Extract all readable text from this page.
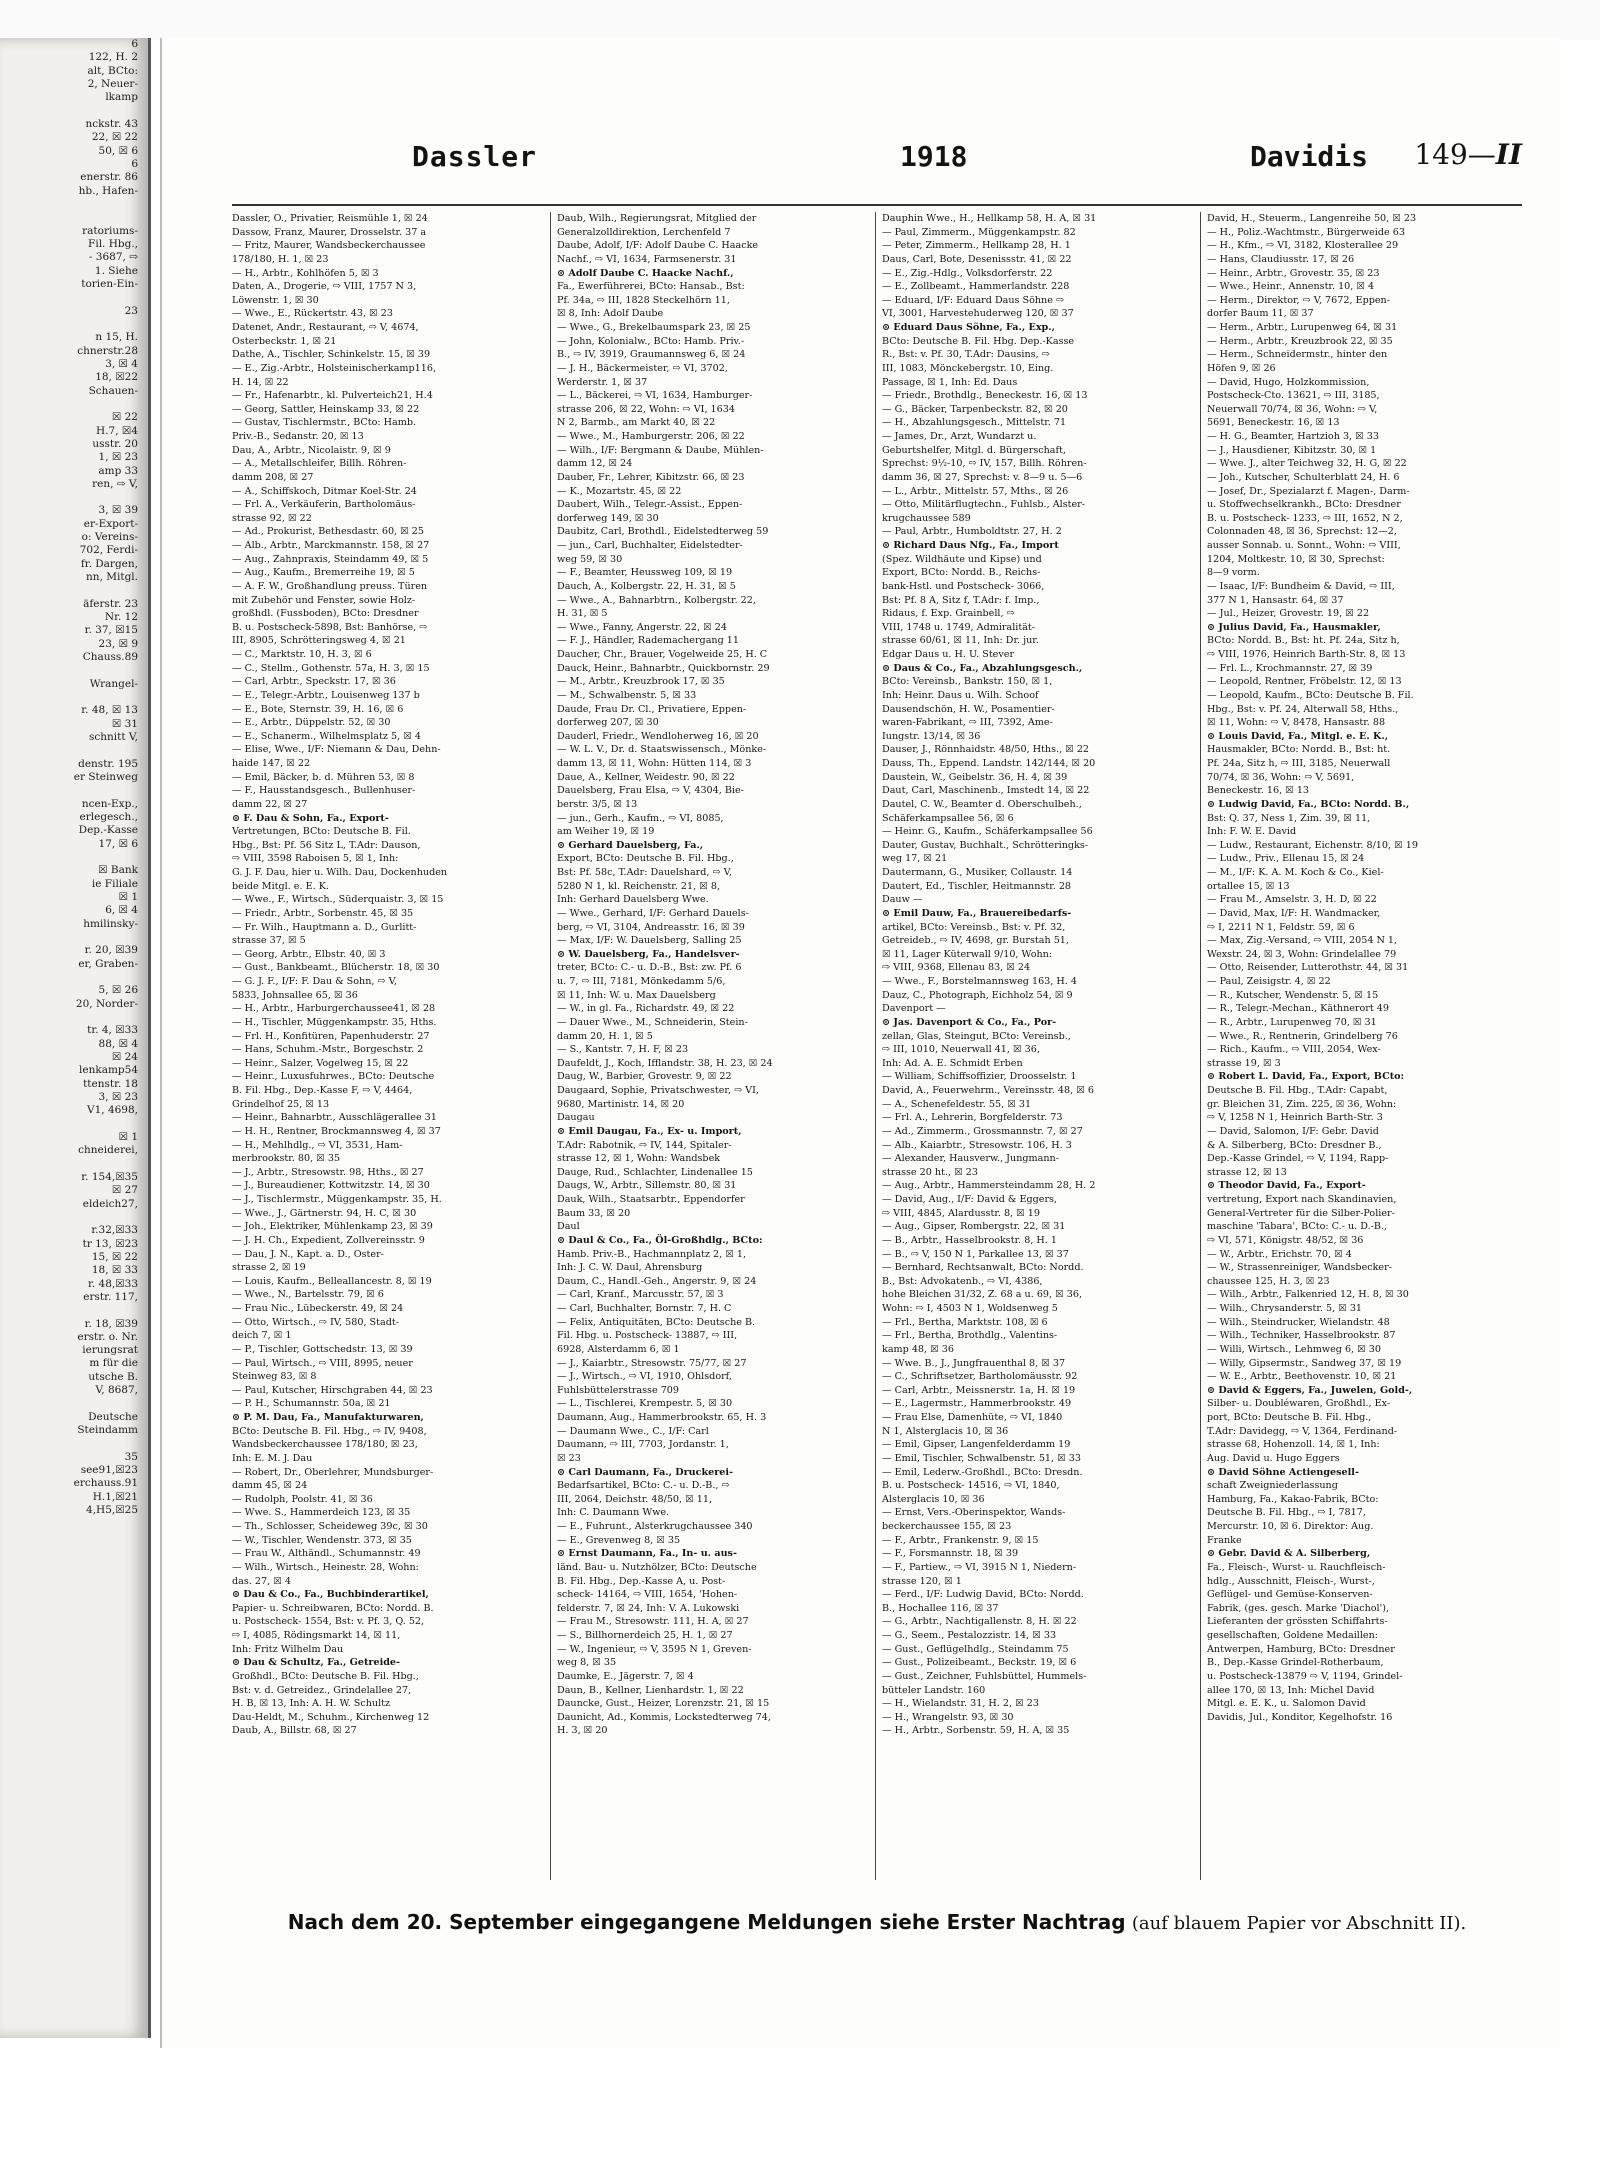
6
122, H. 2
alt, BCto:
2, Neuer-
lkamp

nckstr. 43
22, ☒ 22
50, ☒ 6
6
enerstr. 86
hb., Hafen-

ratoriums-
Fil. Hbg.,
- 3687, ⇨
1. Siehe
torien-Ein-

23

n 15, H.
chnerstr.28
3, ☒ 4
18, ☒22
Schauen-

☒ 22
H.7, ☒4
usstr. 20
1, ☒ 23
amp 33
ren, ⇨ V,

3, ☒ 39
er-Export-
o: Vereins-
702, Ferdi-
fr. Dargen,
nn, Mitgl.

äferstr. 23
Nr. 12
r. 37, ☒15
23, ☒ 9
Chauss.89

Wrangel-

r. 48, ☒ 13
☒ 31
schnitt V,

denstr. 195
er Steinweg

ncen-Exp.,
erlegesch.,
Dep.-Kasse
17, ☒ 6

☒ Bank
ie Filiale
☒ 1
6, ☒ 4
hmilinsky-

r. 20, ☒39
er, Graben-

5, ☒ 26
20, Norder-

tr. 4, ☒33
88, ☒ 4
☒ 24
lenkamp54
ttenstr. 18
3, ☒ 23
V1, 4698,

☒ 1
chneiderei,

r. 154,☒35
☒ 27
eldeich27,

r.32,☒33
tr 13, ☒23
15, ☒ 22
18, ☒ 33
r. 48,☒33
erstr. 117,

r. 18, ☒39
erstr. o. Nr.
ierungsrat
m für die
utsche B.
V, 8687,

Deutsche
Steindamm

35
see91,☒23
erchauss.91
H.1,☒21
4,H5,☒25
Dassler	1918	Davidis 149—II
Dassler, O., Privatier, Reismühle 1, ☒ 24
Dassow, Franz, Maurer, Drosselstr. 37 a
— Fritz, Maurer, Wandsbeckerchaussee
178/180, H. 1, ☒ 23
— H., Arbtr., Kohlhöfen 5, ☒ 3
Daten, A., Drogerie, ⇨ VIII, 1757 N 3,
Löwenstr. 1, ☒ 30
— Wwe., E., Rückertstr. 43, ☒ 23
Datenet, Andr., Restaurant, ⇨ V, 4674,
Osterbeckstr. 1, ☒ 21
Dathe, A., Tischler, Schinkelstr. 15, ☒ 39
— E., Zig.-Arbtr., Holsteinischerkamp116,
H. 14, ☒ 22
— Fr., Hafenarbtr., kl. Pulverteich21, H.4
— Georg, Sattler, Heinskamp 33, ☒ 22
— Gustav, Tischlermstr., BCto: Hamb.
Priv.-B., Sedanstr. 20, ☒ 13
Dau, A., Arbtr., Nicolaistr. 9, ☒ 9
— A., Metallschleifer, Billh. Röhren-
damm 208, ☒ 27
— A., Schiffskoch, Ditmar Koel-Str. 24
— Frl. A., Verkäuferin, Bartholomäus-
strasse 92, ☒ 22
— Ad., Prokurist, Bethesdastr. 60, ☒ 25
— Alb., Arbtr., Marckmannstr. 158, ☒ 27
— Aug., Zahnpraxis, Steindamm 49, ☒ 5
— Aug., Kaufm., Bremerreihe 19, ☒ 5
— A. F. W., Großhandlung preuss. Türen
mit Zubehör und Fenster, sowie Holz-
großhdl. (Fussboden), BCto: Dresdner
B. u. Postscheck-5898, Bst: Banhörse, ⇨
III, 8905, Schrötteringsweg 4, ☒ 21
— C., Marktstr. 10, H. 3, ☒ 6
— C., Stellm., Gothenstr. 57a, H. 3, ☒ 15
— Carl, Arbtr., Speckstr. 17, ☒ 36
— E., Telegr.-Arbtr., Louisenweg 137 b
— E., Bote, Sternstr. 39, H. 16, ☒ 6
— E., Arbtr., Düppelstr. 52, ☒ 30
— E., Schanerm., Wilhelmsplatz 5, ☒ 4
— Elise, Wwe., I/F: Niemann & Dau, Dehn-
haide 147, ☒ 22
— Emil, Bäcker, b. d. Mühren 53, ☒ 8
— F., Hausstandsgesch., Bullenhuser-
damm 22, ☒ 27
⊙ F. Dau & Sohn, Fa., Export-
Vertretungen, BCto: Deutsche B. Fil.
Hbg., Bst: Pf. 56 Sitz L, T.Adr: Dauson,
⇨ VIII, 3598 Raboisen 5, ☒ 1, Inh:
G. J. F. Dau, hier u. Wilh. Dau, Dockenhuden
beide Mitgl. e. E. K.
— Wwe., F., Wirtsch., Süderquaistr. 3, ☒ 15
— Friedr., Arbtr., Sorbenstr. 45, ☒ 35
— Fr. Wilh., Hauptmann a. D., Gurlitt-
strasse 37, ☒ 5
— Georg, Arbtr., Elbstr. 40, ☒ 3
— Gust., Bankbeamt., Blücherstr. 18, ☒ 30
— G. J. F., I/F: F. Dau & Sohn, ⇨ V,
5833, Johnsallee 65, ☒ 36
— H., Arbtr., Harburgerchaussee41, ☒ 28
— H., Tischler, Müggenkampstr. 35, Hths.
— Frl. H., Konfitüren, Papenhuderstr. 27
— Hans, Schuhm.-Mstr., Borgeschstr. 2
— Heinr., Salzer, Vogelweg 15, ☒ 22
— Heinr., Luxusfuhrwes., BCto: Deutsche
B. Fil. Hbg., Dep.-Kasse F, ⇨ V, 4464,
Grindelhof 25, ☒ 13
— Heinr., Bahnarbtr., Ausschlägerallee 31
— H. H., Rentner, Brockmannsweg 4, ☒ 37
— H., Mehlhdlg., ⇨ VI, 3531, Ham-
merbrookstr. 80, ☒ 35
— J., Arbtr., Stresowstr. 98, Hths., ☒ 27
— J., Bureaudiener, Kottwitzstr. 14, ☒ 30
— J., Tischlermstr., Müggenkampstr. 35, H.
— Wwe., J., Gärtnerstr. 94, H. C, ☒ 30
— Joh., Elektriker, Mühlenkamp 23, ☒ 39
— J. H. Ch., Expedient, Zollvereinsstr. 9
— Dau, J. N., Kapt. a. D., Oster-
strasse 2, ☒ 19
— Louis, Kaufm., Belleallancestr. 8, ☒ 19
— Wwe., N., Bartelsstr. 79, ☒ 6
— Frau Nic., Lübeckerstr. 49, ☒ 24
— Otto, Wirtsch., ⇨ IV, 580, Stadt-
deich 7, ☒ 1
— P., Tischler, Gottschedstr. 13, ☒ 39
— Paul, Wirtsch., ⇨ VIII, 8995, neuer
Steinweg 83, ☒ 8
— Paul, Kutscher, Hirschgraben 44, ☒ 23
— P. H., Schumannstr. 50a, ☒ 21
⊙ P. M. Dau, Fa., Manufakturwaren,
BCto: Deutsche B. Fil. Hbg., ⇨ IV, 9408,
Wandsbeckerchaussee 178/180, ☒ 23,
Inh: E. M. J. Dau
— Robert, Dr., Oberlehrer, Mundsburger-
damm 45, ☒ 24
— Rudolph, Poolstr. 41, ☒ 36
— Wwe. S., Hammerdeich 123, ☒ 35
— Th., Schlosser, Scheideweg 39c, ☒ 30
— W., Tischler, Wendenstr. 373, ☒ 35
— Frau W., Althändl., Schumannstr. 49
— Wilh., Wirtsch., Heinestr. 28, Wohn:
das. 27, ☒ 4
⊙ Dau & Co., Fa., Buchbinderartikel,
Papier- u. Schreibwaren, BCto: Nordd. B.
u. Postscheck- 1554, Bst: v. Pf. 3, Q. 52,
⇨ I, 4085, Rödingsmarkt 14, ☒ 11,
Inh: Fritz Wilhelm Dau
⊙ Dau & Schultz, Fa., Getreide-
Großhdl., BCto: Deutsche B. Fil. Hbg.,
Bst: v. d. Getreidez., Grindelallee 27,
H. B, ☒ 13, Inh: A. H. W. Schultz
Dau-Heldt, M., Schuhm., Kirchenweg 12
Daub, A., Billstr. 68, ☒ 27
Daub, Wilh., Regierungsrat, Mitglied der
Generalzolldirektion, Lerchenfeld 7
Daube, Adolf, I/F: Adolf Daube C. Haacke
Nachf., ⇨ VI, 1634, Farmsenerstr. 31
⊙ Adolf Daube C. Haacke Nachf.,
Fa., Ewerführerei, BCto: Hansab., Bst:
Pf. 34a, ⇨ III, 1828 Steckelhörn 11,
☒ 8, Inh: Adolf Daube
— Wwe., G., Brekelbaumspark 23, ☒ 25
— John, Kolonialw., BCto: Hamb. Priv.-
B., ⇨ IV, 3919, Graumannsweg 6, ☒ 24
— J. H., Bäckermeister, ⇨ VI, 3702,
Werderstr. 1, ☒ 37
— L., Bäckerei, ⇨ VI, 1634, Hamburger-
strasse 206, ☒ 22, Wohn: ⇨ VI, 1634
N 2, Barmb., am Markt 40, ☒ 22
— Wwe., M., Hamburgerstr. 206, ☒ 22
— Wilh., I/F: Bergmann & Daube, Mühlen-
damm 12, ☒ 24
Dauber, Fr., Lehrer, Kibitzstr. 66, ☒ 23
— K., Mozartstr. 45, ☒ 22
Daubert, Wilh., Telegr.-Assist., Eppen-
dorferweg 149, ☒ 30
Daubitz, Carl, Brothdl., Eidelstedterweg 59
— jun., Carl, Buchhalter, Eidelstedter-
weg 59, ☒ 30
— F., Beamter, Heussweg 109, ☒ 19
Dauch, A., Kolbergstr. 22, H. 31, ☒ 5
— Wwe., A., Bahnarbtrn., Kolbergstr. 22,
H. 31, ☒ 5
— Wwe., Fanny, Angerstr. 22, ☒ 24
— F. J., Händler, Rademachergang 11
Daucher, Chr., Brauer, Vogelweide 25, H. C
Dauck, Heinr., Bahnarbtr., Quickbornstr. 29
— M., Arbtr., Kreuzbrook 17, ☒ 35
— M., Schwalbenstr. 5, ☒ 33
Daude, Frau Dr. Cl., Privatiere, Eppen-
dorferweg 207, ☒ 30
Dauderl, Friedr., Wendloherweg 16, ☒ 20
— W. L. V., Dr. d. Staatswissensch., Mönke-
damm 13, ☒ 11, Wohn: Hütten 114, ☒ 3
Daue, A., Kellner, Weidestr. 90, ☒ 22
Dauelsberg, Frau Elsa, ⇨ V, 4304, Bie-
berstr. 3/5, ☒ 13
— jun., Gerh., Kaufm., ⇨ VI, 8085,
am Weiher 19, ☒ 19
⊙ Gerhard Dauelsberg, Fa.,
Export, BCto: Deutsche B. Fil. Hbg.,
Bst: Pf. 58c, T.Adr: Dauelshard, ⇨ V,
5280 N 1, kl. Reichenstr. 21, ☒ 8,
Inh: Gerhard Dauelsberg Wwe.
— Wwe., Gerhard, I/F: Gerhard Dauels-
berg, ⇨ VI, 3104, Andreasstr. 16, ☒ 39
— Max, I/F: W. Dauelsberg, Salling 25
⊙ W. Dauelsberg, Fa., Handelsver-
treter, BCto: C.- u. D.-B., Bst: zw. Pf. 6
u. 7, ⇨ III, 7181, Mönkedamm 5/6,
☒ 11, Inh: W. u. Max Dauelsberg
— W., in gl. Fa., Richardstr. 49, ☒ 22
— Dauer Wwe., M., Schneiderin, Stein-
damm 20, H. 1, ☒ 5
— S., Kantstr. 7, H. F, ☒ 23
Daufeldt, J., Koch, Ifflandstr. 38, H. 23, ☒ 24
Daug, W., Barbier, Grovestr. 9, ☒ 22
Daugaard, Sophie, Privatschwester, ⇨ VI,
9680, Martinistr. 14, ☒ 20
Daugau
⊙ Emil Daugau, Fa., Ex- u. Import,
T.Adr: Rabotnik, ⇨ IV, 144, Spitaler-
strasse 12, ☒ 1, Wohn: Wandsbek
Dauge, Rud., Schlachter, Lindenallee 15
Daugs, W., Arbtr., Sillemstr. 80, ☒ 31
Dauk, Wilh., Staatsarbtr., Eppendorfer
Baum 33, ☒ 20
Daul
⊙ Daul & Co., Fa., Öl-Großhdlg., BCto:
Hamb. Priv.-B., Hachmannplatz 2, ☒ 1,
Inh: J. C. W. Daul, Ahrensburg
Daum, C., Handl.-Geh., Angerstr. 9, ☒ 24
— Carl, Kranf., Marcusstr. 57, ☒ 3
— Carl, Buchhalter, Bornstr. 7, H. C
— Felix, Antiquitäten, BCto: Deutsche B.
Fil. Hbg. u. Postscheck- 13887, ⇨ III,
6928, Alsterdamm 6, ☒ 1
— J., Kaiarbtr., Stresowstr. 75/77, ☒ 27
— J., Wirtsch., ⇨ VI, 1910, Ohlsdorf,
Fuhlsbüttelerstrasse 709
— L., Tischlerei, Krempestr. 5, ☒ 30
Daumann, Aug., Hammerbrookstr. 65, H. 3
— Daumann Wwe., C., I/F: Carl
Daumann, ⇨ III, 7703, Jordanstr. 1,
☒ 23
⊙ Carl Daumann, Fa., Druckerei-
Bedarfsartikel, BCto: C.- u. D.-B., ⇨
III, 2064, Deichstr. 48/50, ☒ 11,
Inh: C. Daumann Wwe.
— E., Fuhrunt., Alsterkrugchaussee 340
— E., Grevenweg 8, ☒ 35
⊙ Ernst Daumann, Fa., In- u. aus-
länd. Bau- u. Nutzhölzer, BCto: Deutsche
B. Fil. Hbg., Dep.-Kasse A, u. Post-
scheck- 14164, ⇨ VIII, 1654, 'Hohen-
felderstr. 7, ☒ 24, Inh: V. A. Lukowski
— Frau M., Stresowstr. 111, H. A, ☒ 27
— S., Billhornerdeich 25, H. 1, ☒ 27
— W., Ingenieur, ⇨ V, 3595 N 1, Greven-
weg 8, ☒ 35
Daumke, E., Jägerstr. 7, ☒ 4
Daun, B., Kellner, Lienhardstr. 1, ☒ 22
Dauncke, Gust., Heizer, Lorenzstr. 21, ☒ 15
Daunicht, Ad., Kommis, Lockstedterweg 74,
H. 3, ☒ 20
Dauphin Wwe., H., Hellkamp 58, H. A, ☒ 31
— Paul, Zimmerm., Müggenkampstr. 82
— Peter, Zimmerm., Hellkamp 28, H. 1
Daus, Carl, Bote, Desenissstr. 41, ☒ 22
— E., Zig.-Hdlg., Volksdorferstr. 22
— E., Zollbeamt., Hammerlandstr. 228
— Eduard, I/F: Eduard Daus Söhne ⇨
VI, 3001, Harvestehuderweg 120, ☒ 37
⊙ Eduard Daus Söhne, Fa., Exp.,
BCto: Deutsche B. Fil. Hbg. Dep.-Kasse
R., Bst: v. Pf. 30, T.Adr: Dausins, ⇨
III, 1083, Mönckebergstr. 10, Eing.
Passage, ☒ 1, Inh: Ed. Daus
— Friedr., Brothdlg., Beneckestr. 16, ☒ 13
— G., Bäcker, Tarpenbeckstr. 82, ☒ 20
— H., Abzahlungsgesch., Mittelstr. 71
— James, Dr., Arzt, Wundarzt u.
Geburtshelfer, Mitgl. d. Bürgerschaft,
Sprechst: 9½-10, ⇨ IV, 157, Billh. Röhren-
damm 36, ☒ 27, Sprechst: v. 8—9 u. 5—6
— L., Arbtr., Mittelstr. 57, Mths., ☒ 26
— Otto, Militärflugtechn., Fuhlsb., Alster-
krugchaussee 589
— Paul, Arbtr., Humboldtstr. 27, H. 2
⊙ Richard Daus Nfg., Fa., Import
(Spez. Wildhäute und Kipse) und
Export, BCto: Nordd. B., Reichs-
bank-Hstl. und Postscheck- 3066,
Bst: Pf. 8 A, Sitz f, T.Adr: f. Imp.,
Ridaus, f. Exp. Grainbell, ⇨
VIII, 1748 u. 1749, Admiralität-
strasse 60/61, ☒ 11, Inh: Dr. jur.
Edgar Daus u. H. U. Stever
⊙ Daus & Co., Fa., Abzahlungsgesch.,
BCto: Vereinsb., Bankstr. 150, ☒ 1,
Inh: Heinr. Daus u. Wilh. Schoof
Dausendschön, H. W., Posamentier-
waren-Fabrikant, ⇨ III, 7392, Ame-
Iungstr. 13/14, ☒ 36
Dauser, J., Rönnhaidstr. 48/50, Hths., ☒ 22
Dauss, Th., Eppend. Landstr. 142/144, ☒ 20
Daustein, W., Geibelstr. 36, H. 4, ☒ 39
Daut, Carl, Maschinenb., Imstedt 14, ☒ 22
Dautel, C. W., Beamter d. Oberschulbeh.,
Schäferkampsallee 56, ☒ 6
— Heinr. G., Kaufm., Schäferkampsallee 56
Dauter, Gustav, Buchhalt., Schrötteringks-
weg 17, ☒ 21
Dautermann, G., Musiker, Collaustr. 14
Dautert, Ed., Tischler, Heitmannstr. 28
Dauw —
⊙ Emil Dauw, Fa., Brauereibedarfs-
artikel, BCto: Vereinsb., Bst: v. Pf. 32,
Getreideb., ⇨ IV, 4698, gr. Burstah 51,
☒ 11, Lager Küterwall 9/10, Wohn:
⇨ VIII, 9368, Ellenau 83, ☒ 24
— Wwe., F., Borstelmannsweg 163, H. 4
Dauz, C., Photograph, Eichholz 54, ☒ 9
Davenport —
⊙ Jas. Davenport & Co., Fa., Por-
zellan, Glas, Steingut, BCto: Vereinsb.,
⇨ III, 1010, Neuerwall 41, ☒ 36,
Inh: Ad. A. E. Schmidt Erben
— William, Schiffsoffizier, Droosselstr. 1
David, A., Feuerwehrm., Vereinsstr. 48, ☒ 6
— A., Schenefeldestr. 55, ☒ 31
— Frl. A., Lehrerin, Borgfelderstr. 73
— Ad., Zimmerm., Grossmannstr. 7, ☒ 27
— Alb., Kaiarbtr., Stresowstr. 106, H. 3
— Alexander, Hausverw., Jungmann-
strasse 20 ht., ☒ 23
— Aug., Arbtr., Hammersteindamm 28, H. 2
— David, Aug., I/F: David & Eggers,
⇨ VIII, 4845, Alardusstr. 8, ☒ 19
— Aug., Gipser, Rombergstr. 22, ☒ 31
— B., Arbtr., Hasselbrookstr. 8, H. 1
— B., ⇨ V, 150 N 1, Parkallee 13, ☒ 37
— Bernhard, Rechtsanwalt, BCto: Nordd.
B., Bst: Advokatenb., ⇨ VI, 4386,
hohe Bleichen 31/32, Z. 68 a u. 69, ☒ 36,
Wohn: ⇨ I, 4503 N 1, Woldsenweg 5
— Frl., Bertha, Marktstr. 108, ☒ 6
— Frl., Bertha, Brothdlg., Valentins-
kamp 48, ☒ 36
— Wwe. B., J., Jungfrauenthal 8, ☒ 37
— C., Schriftsetzer, Bartholomäusstr. 92
— Carl, Arbtr., Meissnerstr. 1a, H. ☒ 19
— E., Lagermstr., Hammerbrookstr. 49
— Frau Else, Damenhüte, ⇨ VI, 1840
N 1, Alsterglacis 10, ☒ 36
— Emil, Gipser, Langenfelderdamm 19
— Emil, Tischler, Schwalbenstr. 51, ☒ 33
— Emil, Lederw.-Großhdl., BCto: Dresdn.
B. u. Postscheck- 14516, ⇨ VI, 1840,
Alsterglacis 10, ☒ 36
— Ernst, Vers.-Oberinspektor, Wands-
beckerchaussee 155, ☒ 23
— F., Arbtr., Frankenstr. 9, ☒ 15
— F., Forsmannstr. 18, ☒ 39
— F., Partiew., ⇨ VI, 3915 N 1, Niedern-
strasse 120, ☒ 1
— Ferd., I/F: Ludwig David, BCto: Nordd.
B., Hochallee 116, ☒ 37
— G., Arbtr., Nachtigallenstr. 8, H. ☒ 22
— G., Seem., Pestalozzistr. 14, ☒ 33
— Gust., Geflügelhdlg., Steindamm 75
— Gust., Polizeibeamt., Beckstr. 19, ☒ 6
— Gust., Zeichner, Fuhlsbüttel, Hummels-
bütteler Landstr. 160
— H., Wielandstr. 31, H. 2, ☒ 23
— H., Wrangelstr. 93, ☒ 30
— H., Arbtr., Sorbenstr. 59, H. A, ☒ 35
David, H., Steuerm., Langenreihe 50, ☒ 23
— H., Poliz.-Wachtmstr., Bürgerweide 63
— H., Kfm., ⇨ VI, 3182, Klosterallee 29
— Hans, Claudiusstr. 17, ☒ 26
— Heinr., Arbtr., Grovestr. 35, ☒ 23
— Wwe., Heinr., Annenstr. 10, ☒ 4
— Herm., Direktor, ⇨ V, 7672, Eppen-
dorfer Baum 11, ☒ 37
— Herm., Arbtr., Lurupenweg 64, ☒ 31
— Herm., Arbtr., Kreuzbrook 22, ☒ 35
— Herm., Schneidermstr., hinter den
Höfen 9, ☒ 26
— David, Hugo, Holzkommission,
Postscheck-Cto. 13621, ⇨ III, 3185,
Neuerwall 70/74, ☒ 36, Wohn: ⇨ V,
5691, Beneckestr. 16, ☒ 13
— H. G., Beamter, Hartzioh 3, ☒ 33
— J., Hausdiener, Kibitzstr. 30, ☒ 1
— Wwe. J., alter Teichweg 32, H. G, ☒ 22
— Joh., Kutscher, Schulterblatt 24, H. 6
— Josef, Dr., Spezialarzt f. Magen-, Darm-
u. Stoffwechselkrankh., BCto: Dresdner
B. u. Postscheck- 1233, ⇨ III, 1652, N 2,
Colonnaden 48, ☒ 36, Sprechst: 12—2,
ausser Sonnab. u. Sonnt., Wohn: ⇨ VIII,
1204, Moltkestr. 10, ☒ 30, Sprechst:
8—9 vorm.
— Isaac, I/F: Bundheim & David, ⇨ III,
377 N 1, Hansastr. 64, ☒ 37
— Jul., Heizer, Grovestr. 19, ☒ 22
⊙ Julius David, Fa., Hausmakler,
BCto: Nordd. B., Bst: ht. Pf. 24a, Sitz h,
⇨ VIII, 1976, Heinrich Barth-Str. 8, ☒ 13
— Frl. L., Krochmannstr. 27, ☒ 39
— Leopold, Rentner, Fröbelstr. 12, ☒ 13
— Leopold, Kaufm., BCto: Deutsche B. Fil.
Hbg., Bst: v. Pf. 24, Alterwall 58, Hths.,
☒ 11, Wohn: ⇨ V, 8478, Hansastr. 88
⊙ Louis David, Fa., Mitgl. e. E. K.,
Hausmakler, BCto: Nordd. B., Bst: ht.
Pf. 24a, Sitz h, ⇨ III, 3185, Neuerwall
70/74, ☒ 36, Wohn: ⇨ V, 5691,
Beneckestr. 16, ☒ 13
⊙ Ludwig David, Fa., BCto: Nordd. B.,
Bst: Q. 37, Ness 1, Zim. 39, ☒ 11,
Inh: F. W. E. David
— Ludw., Restaurant, Eichenstr. 8/10, ☒ 19
— Ludw., Priv., Ellenau 15, ☒ 24
— M., I/F: K. A. M. Koch & Co., Kiel-
ortallee 15, ☒ 13
— Frau M., Amselstr. 3, H. D, ☒ 22
— David, Max, I/F: H. Wandmacker,
⇨ I, 2211 N 1, Feldstr. 59, ☒ 6
— Max, Zig.-Versand, ⇨ VIII, 2054 N 1,
Wexstr. 24, ☒ 3, Wohn: Grindelallee 79
— Otto, Reisender, Lutterothstr. 44, ☒ 31
— Paul, Zeisigstr. 4, ☒ 22
— R., Kutscher, Wendenstr. 5, ☒ 15
— R., Telegr.-Mechan., Käthnerort 49
— R., Arbtr., Lurupenweg 70, ☒ 31
— Wwe., R., Rentnerin, Grindelberg 76
— Rich., Kaufm., ⇨ VIII, 2054, Wex-
strasse 19, ☒ 3
⊙ Robert L. David, Fa., Export, BCto:
Deutsche B. Fil. Hbg., T.Adr: Capabt,
gr. Bleichen 31, Zim. 225, ☒ 36, Wohn:
⇨ V, 1258 N 1, Heinrich Barth-Str. 3
— David, Salomon, I/F: Gebr. David
& A. Silberberg, BCto: Dresdner B.,
Dep.-Kasse Grindel, ⇨ V, 1194, Rapp-
strasse 12, ☒ 13
⊙ Theodor David, Fa., Export-
vertretung, Export nach Skandinavien,
General-Vertreter für die Silber-Polier-
maschine 'Tabara', BCto: C.- u. D.-B.,
⇨ VI, 571, Königstr. 48/52, ☒ 36
— W., Arbtr., Erichstr. 70, ☒ 4
— W., Strassenreiniger, Wandsbecker-
chaussee 125, H. 3, ☒ 23
— Wilh., Arbtr., Falkenried 12, H. 8, ☒ 30
— Wilh., Chrysanderstr. 5, ☒ 31
— Wilh., Steindrucker, Wielandstr. 48
— Wilh., Techniker, Hasselbrookstr. 87
— Willi, Wirtsch., Lehmweg 6, ☒ 30
— Willy, Gipsermstr., Sandweg 37, ☒ 19
— W. E., Arbtr., Beethovenstr. 10, ☒ 21
⊙ David & Eggers, Fa., Juwelen, Gold-,
Silber- u. Doubléwaren, Großhdl., Ex-
port, BCto: Deutsche B. Fil. Hbg.,
T.Adr: Davidegg, ⇨ V, 1364, Ferdinand-
strasse 68, Hohenzoll. 14, ☒ 1, Inh:
Aug. David u. Hugo Eggers
⊙ David Söhne Actiengesell-
schaft Zweigniederlassung
Hamburg, Fa., Kakao-Fabrik, BCto:
Deutsche B. Fil. Hbg., ⇨ I, 7817,
Mercurstr. 10, ☒ 6. Direktor: Aug.
Franke
⊙ Gebr. David & A. Silberberg,
Fa., Fleisch-, Wurst- u. Rauchfleisch-
hdlg., Ausschnitt, Fleisch-, Wurst-,
Geflügel- und Gemüse-Konserven-
Fabrik, (ges. gesch. Marke 'Diachol'),
Lieferanten der grössten Schiffahrts-
gesellschaften, Goldene Medaillen:
Antwerpen, Hamburg, BCto: Dresdner
B., Dep.-Kasse Grindel-Rotherbaum,
u. Postscheck-13879 ⇨ V, 1194, Grindel-
allee 170, ☒ 13, Inh: Michel David
Mitgl. e. E. K., u. Salomon David
Davidis, Jul., Konditor, Kegelhofstr. 16
Nach dem 20. September eingegangene Meldungen siehe Erster Nachtrag (auf blauem Papier vor Abschnitt II).
